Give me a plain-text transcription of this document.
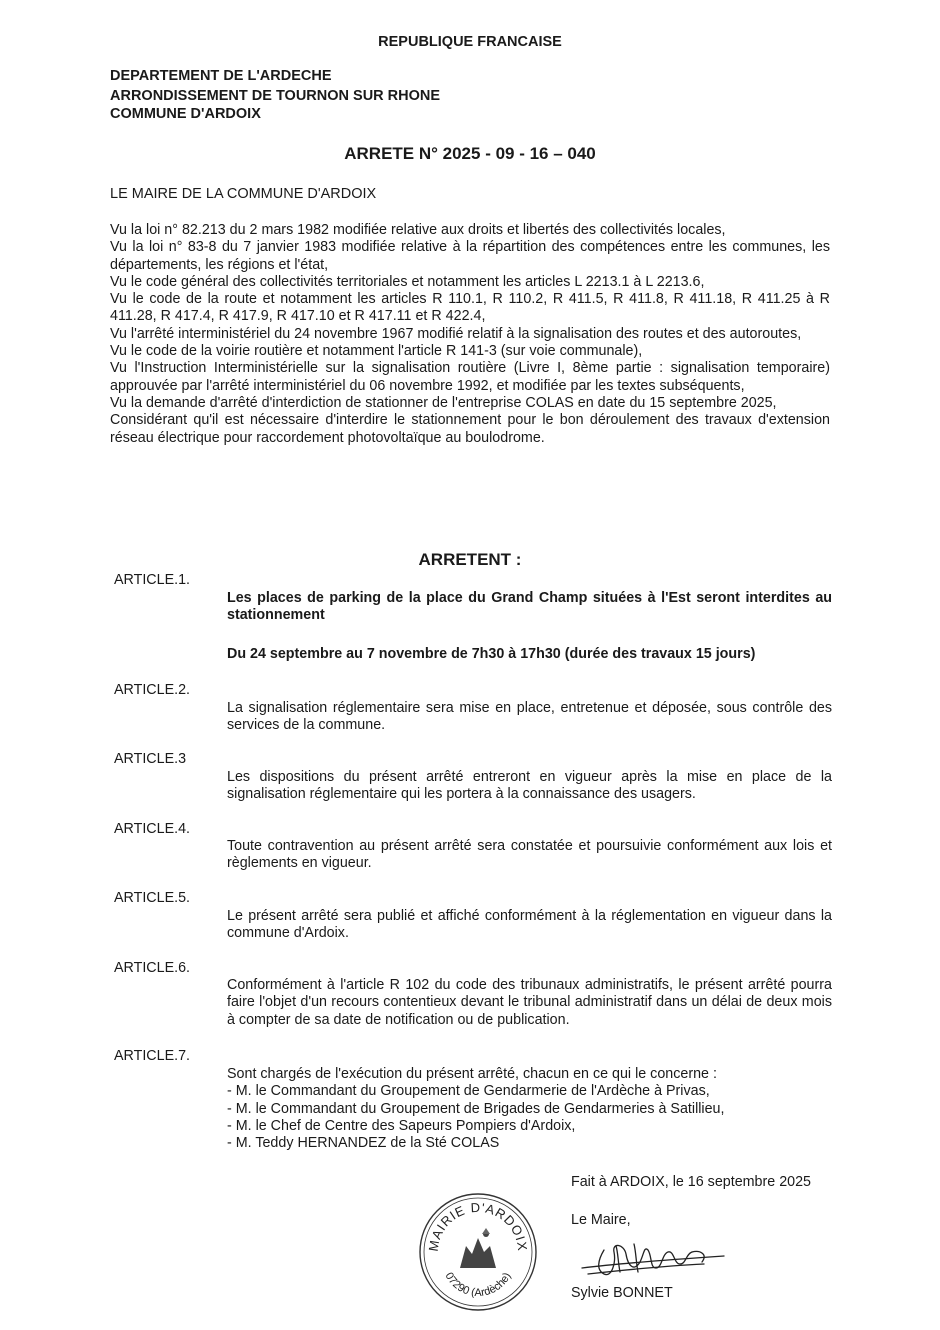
REPUBLIQUE FRANCAISE
DEPARTEMENT DE L'ARDECHE
ARRONDISSEMENT DE TOURNON SUR RHONE
COMMUNE D'ARDOIX
ARRETE N° 2025 - 09 - 16 – 040
LE MAIRE DE LA COMMUNE D'ARDOIX
Vu la loi n° 82.213 du 2 mars 1982 modifiée relative aux droits et libertés des collectivités locales,
Vu la loi n° 83-8 du 7 janvier 1983 modifiée relative à la répartition des compétences entre les communes, les départements, les régions et l'état,
Vu le code général des collectivités territoriales et notamment les articles L 2213.1 à L 2213.6,
Vu le code de la route et notamment les articles R 110.1, R 110.2, R 411.5, R 411.8, R 411.18, R 411.25 à R 411.28, R 417.4, R 417.9, R 417.10 et R 417.11 et R 422.4,
Vu l'arrêté interministériel du 24 novembre 1967 modifié relatif à la signalisation des routes et des autoroutes,
Vu le code de la voirie routière et notamment l'article R 141-3 (sur voie communale),
Vu l'Instruction Interministérielle sur la signalisation routière (Livre I, 8ème partie : signalisation temporaire) approuvée par l'arrêté interministériel du 06 novembre 1992, et modifiée par les textes subséquents,
Vu la demande d'arrêté d'interdiction de stationner de l'entreprise COLAS en date du 15 septembre 2025,
Considérant qu'il est nécessaire d'interdire le stationnement pour le bon déroulement des travaux d'extension réseau électrique pour raccordement photovoltaïque au boulodrome.
ARRETENT :
ARTICLE.1.
Les places de parking de la place du Grand Champ situées à l'Est seront interdites au stationnement
Du 24 septembre au 7 novembre de 7h30 à 17h30 (durée des travaux 15 jours)
ARTICLE.2.
La signalisation réglementaire sera mise en place, entretenue et déposée, sous contrôle des services de la commune.
ARTICLE.3
Les dispositions du présent arrêté entreront en vigueur après la mise en place de la signalisation réglementaire qui les portera à la connaissance des usagers.
ARTICLE.4.
Toute contravention au présent arrêté sera constatée et poursuivie conformément aux lois et règlements en vigueur.
ARTICLE.5.
Le présent arrêté sera publié et affiché conformément à la réglementation en vigueur dans la commune d'Ardoix.
ARTICLE.6.
Conformément à l'article R 102 du code des tribunaux administratifs, le présent arrêté pourra faire l'objet d'un recours contentieux devant le tribunal administratif dans un délai de deux mois à compter de sa date de notification ou de publication.
ARTICLE.7.
Sont chargés de l'exécution du présent arrêté, chacun en ce qui le concerne :
- M. le Commandant du Groupement de Gendarmerie de l'Ardèche à Privas,
- M. le Commandant du Groupement de Brigades de Gendarmeries à Satillieu,
- M. le Chef de Centre des Sapeurs Pompiers d'Ardoix,
- M. Teddy HERNANDEZ de la Sté COLAS
Fait à ARDOIX, le 16 septembre 2025
Le Maire,
Sylvie BONNET
MAIRIE D'ARDOIX
07290 (Ardèche)
